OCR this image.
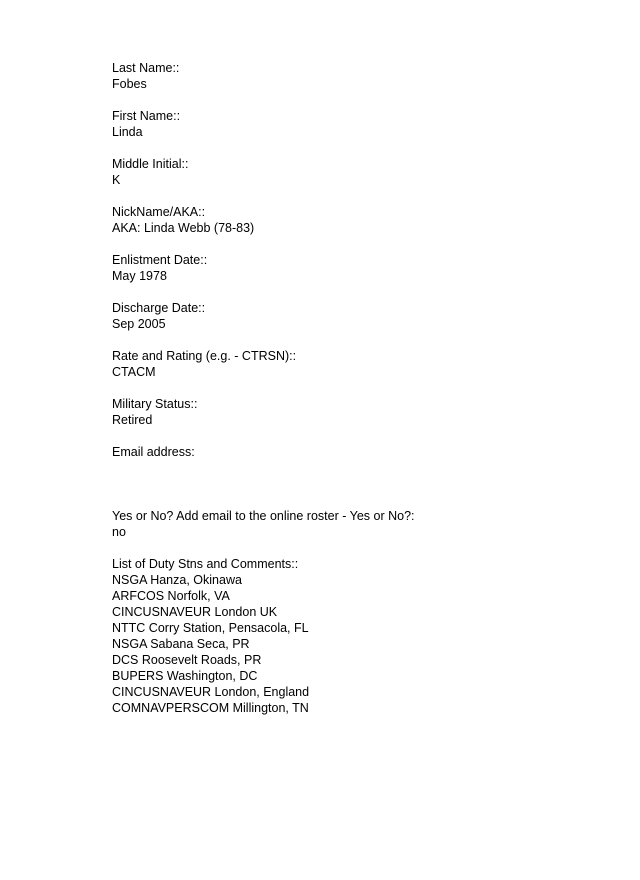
Last Name::
Fobes
First Name::
Linda
Middle Initial::
K
NickName/AKA::
AKA: Linda Webb (78-83)
Enlistment Date::
May 1978
Discharge Date::
Sep 2005
Rate and Rating (e.g. - CTRSN)::
CTACM
Military Status::
Retired
Email address:
Yes or No? Add email to the online roster - Yes or No?:
no
List of Duty Stns and Comments::
NSGA Hanza, Okinawa
ARFCOS Norfolk, VA
CINCUSNAVEUR London UK
NTTC Corry Station, Pensacola, FL
NSGA Sabana Seca, PR
DCS Roosevelt Roads, PR
BUPERS Washington, DC
CINCUSNAVEUR London, England
COMNAVPERSCOM Millington, TN
